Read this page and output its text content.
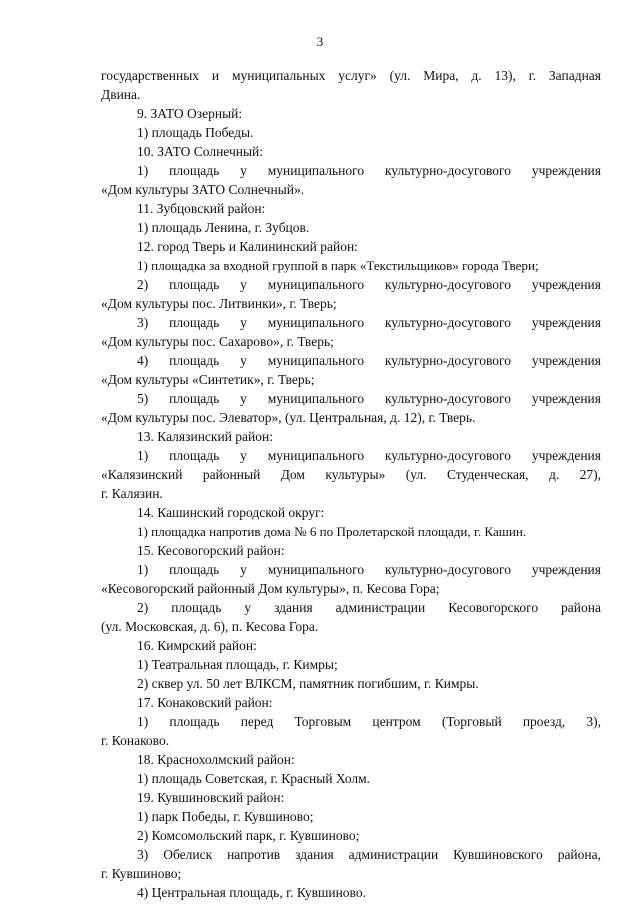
3

государственных и муниципальных услуг» (ул. Мира, д. 13), г. Западная

Двина.

9. ЗАТО Озерный:

1) площадь Победы.

10. ЗАТО Солнечный:

1) площадь у муниципального культурно-досугового учреждения

«Дом культуры ЗАТО Солнечный».

11. Зубцовский район:

1) площадь Ленина, г. Зубцов.

12. город Тверь и Калининский район:

1) площадка за входной группой в парк «Текстильщиков» города Твери;

2) площадь у муниципального культурно-досугового учреждения

«Дом культуры пос. Литвинки», г. Тверь;

3) площадь у муниципального культурно-досугового учреждения

«Дом культуры пос. Сахарово», г. Тверь;

4) площадь у муниципального культурно-досугового учреждения

«Дом культуры «Синтетик», г. Тверь;

5) площадь у муниципального культурно-досугового учреждения

«Дом культуры пос. Элеватор», (ул. Центральная, д. 12), г. Тверь.

13. Калязинский район:

1) площадь у муниципального культурно-досугового учреждения

«Калязинский районный Дом культуры» (ул. Студенческая, д. 27),

г. Калязин.

14. Кашинский городской округ:

1) площадка напротив дома № 6 по Пролетарской площади, г. Кашин.

15. Кесовогорский район:

1) площадь у муниципального культурно-досугового учреждения

«Кесовогорский районный Дом культуры», п. Кесова Гора;

2) площадь у здания администрации Кесовогорского района

(ул. Московская, д. 6), п. Кесова Гора.

16. Кимрский район:

1) Театральная площадь, г. Кимры;

2) сквер ул. 50 лет ВЛКСМ, памятник погибшим, г. Кимры.

17. Конаковский район:

1) площадь перед Торговым центром (Торговый проезд, 3),

г. Конаково.

18. Краснохолмский район:

1) площадь Советская, г. Красный Холм.

19. Кувшиновский район:

1) парк Победы, г. Кувшиново;

2) Комсомольский парк, г. Кувшиново;

3) Обелиск напротив здания администрации Кувшиновского района,

г. Кувшиново;

4) Центральная площадь, г. Кувшиново.
